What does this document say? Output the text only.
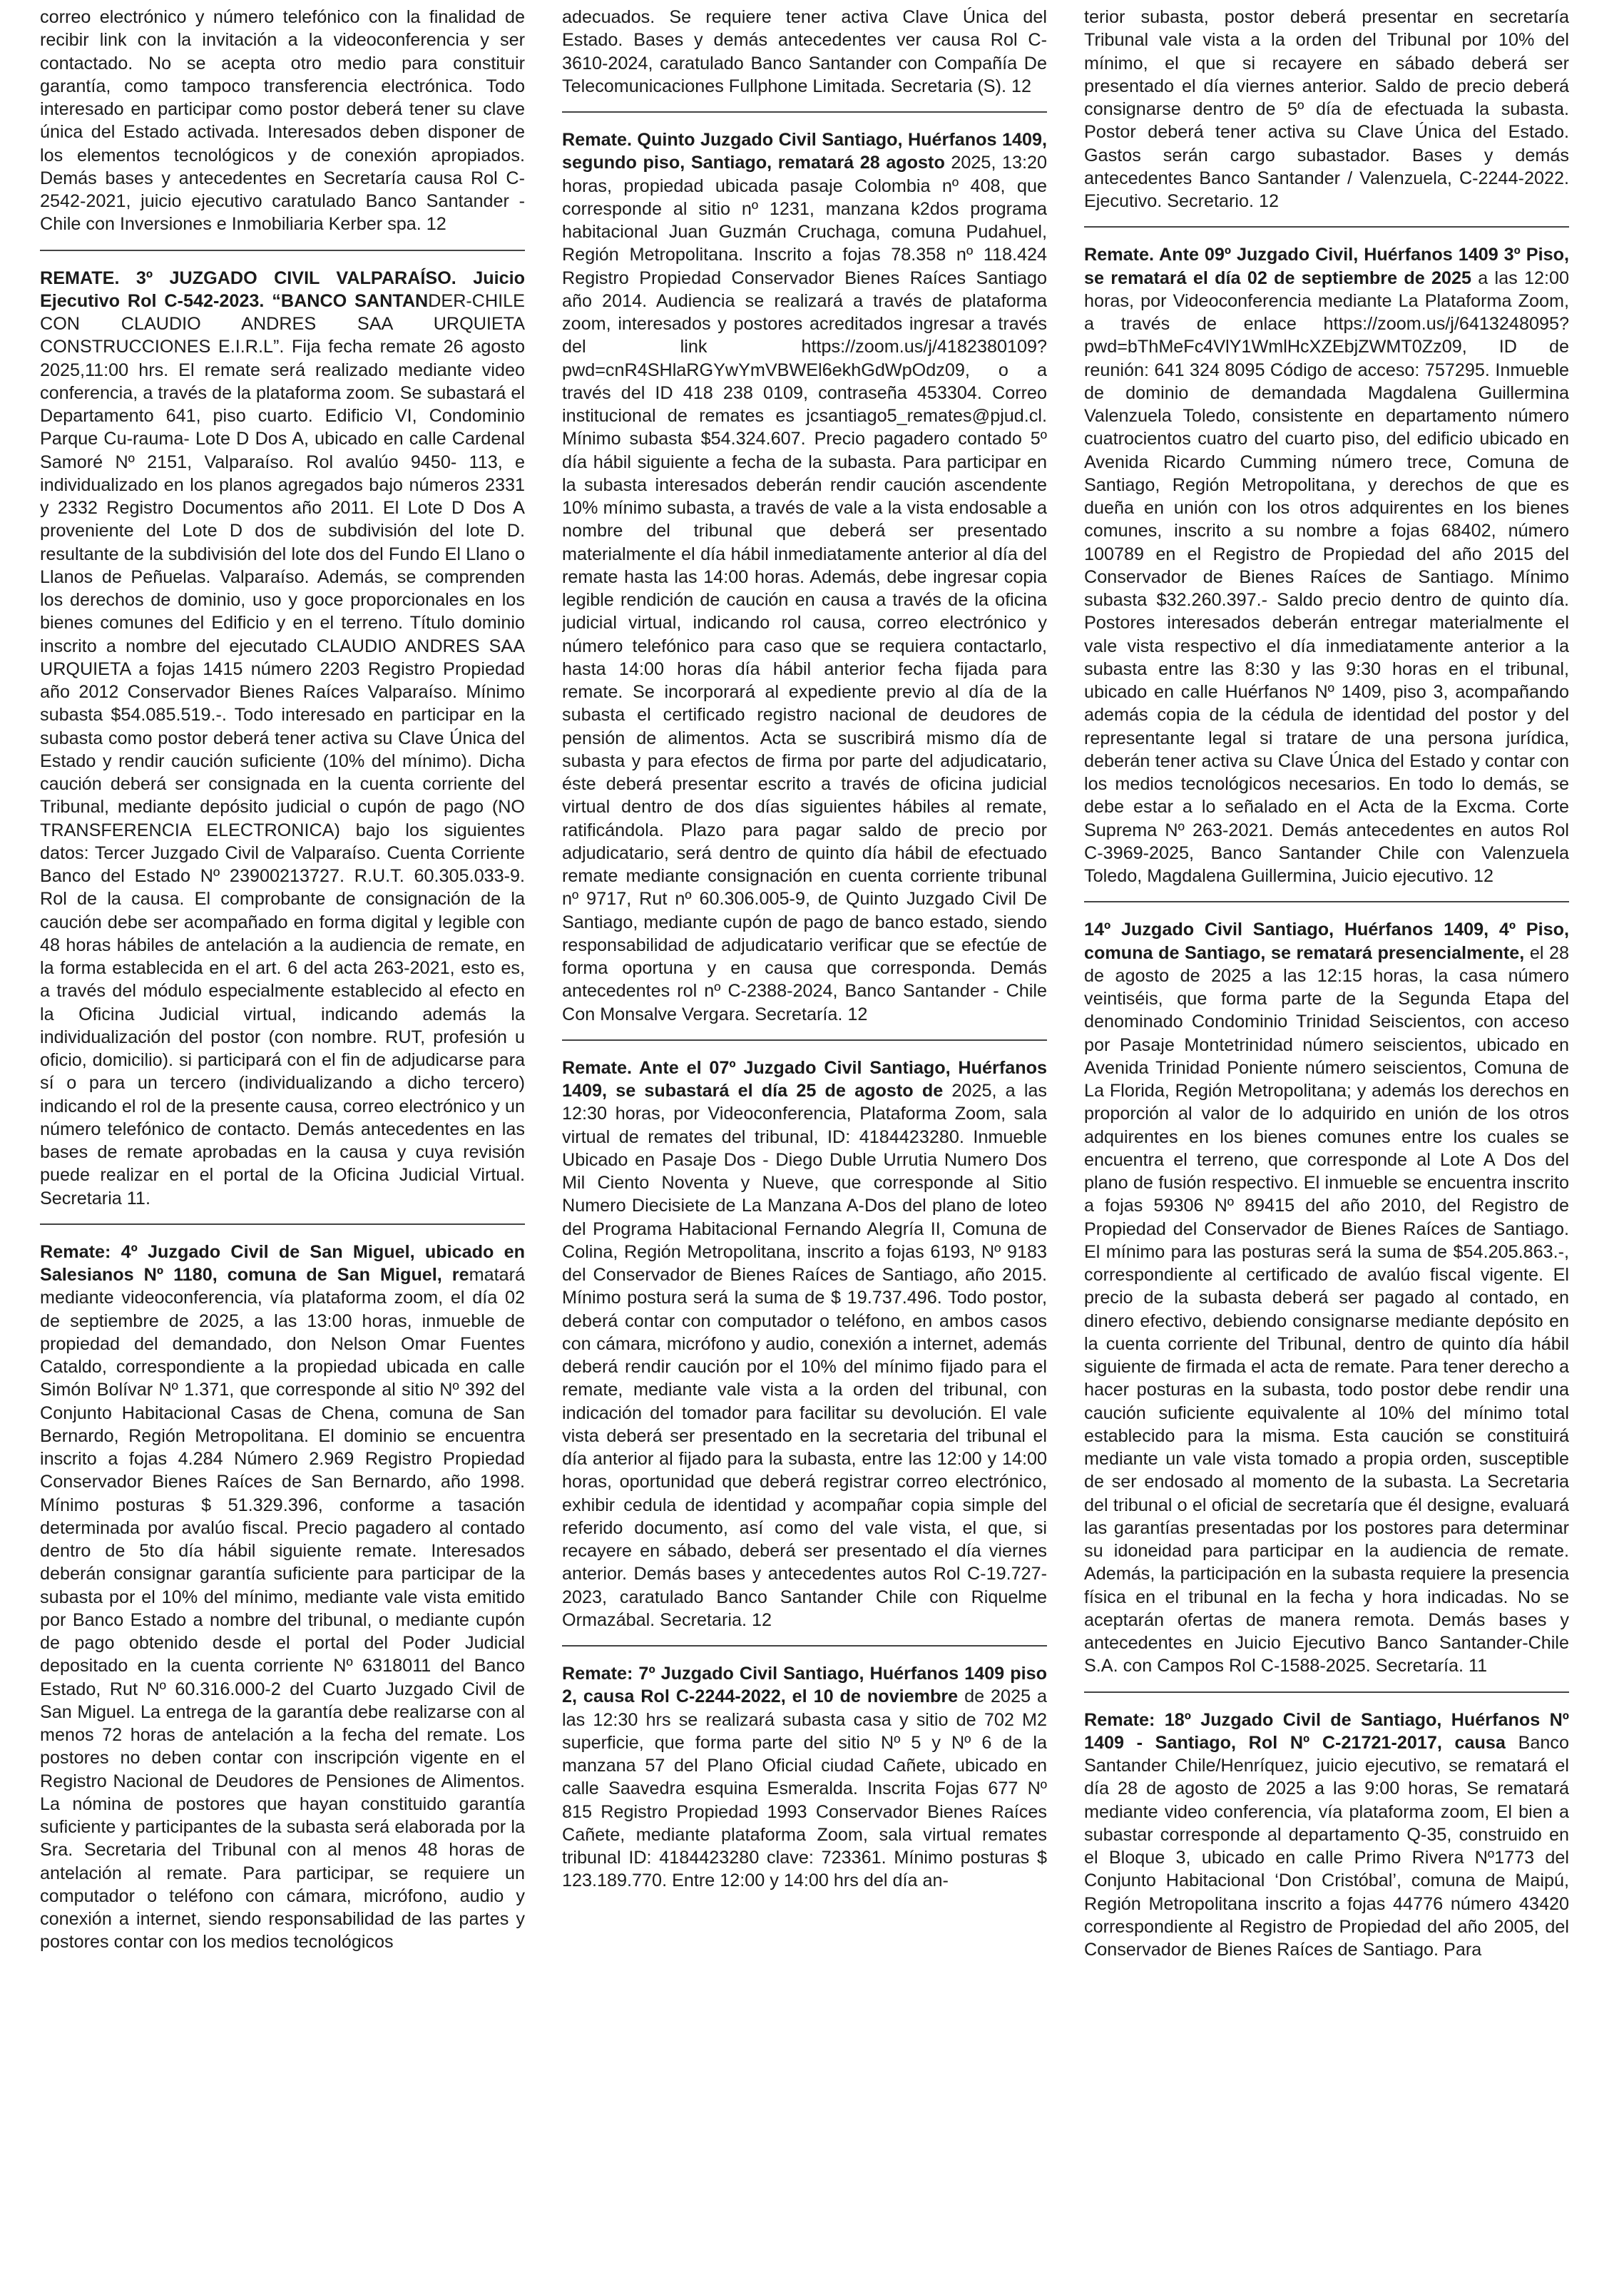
correo electrónico y número telefónico con la finalidad de recibir link con la invitación a la videoconferencia y ser contactado. No se acepta otro medio para constituir garantía, como tampoco transferencia electrónica. Todo interesado en participar como postor deberá tener su clave única del Estado activada. Interesados deben disponer de los elementos tecnológicos y de conexión apropiados. Demás bases y antecedentes en Secretaría causa Rol C-2542-2021, juicio ejecutivo caratulado Banco Santander - Chile con Inversiones e Inmobiliaria Kerber spa. 12

REMATE. 3º JUZGADO CIVIL VALPARAÍSO. Juicio Ejecutivo Rol C-542-2023. “BANCO SANTANDER-CHILE CON CLAUDIO ANDRES SAA URQUIETA CONSTRUCCIONES E.I.R.L”. Fija fecha remate 26 agosto 2025,11:00 hrs. El remate será realizado mediante video conferencia, a través de la plataforma zoom. Se subastará el Departamento 641, piso cuarto. Edificio VI, Condominio Parque Cu-rauma- Lote D Dos A, ubicado en calle Cardenal Samoré Nº 2151, Valparaíso. Rol avalúo 9450- 113, e individualizado en los planos agregados bajo números 2331 y 2332 Registro Documentos año 2011. El Lote D Dos A proveniente del Lote D dos de subdivisión del lote D. resultante de la subdivisión del lote dos del Fundo El Llano o Llanos de Peñuelas. Valparaíso. Además, se comprenden los derechos de dominio, uso y goce proporcionales en los bienes comunes del Edificio y en el terreno. Título dominio inscrito a nombre del ejecutado CLAUDIO ANDRES SAA URQUIETA a fojas 1415 número 2203 Registro Propiedad año 2012 Conservador Bienes Raíces Valparaíso. Mínimo subasta $54.085.519.-. Todo interesado en participar en la subasta como postor deberá tener activa su Clave Única del Estado y rendir caución suficiente (10% del mínimo). Dicha caución deberá ser consignada en la cuenta corriente del Tribunal, mediante depósito judicial o cupón de pago (NO TRANSFERENCIA ELECTRONICA) bajo los siguientes datos: Tercer Juzgado Civil de Valparaíso. Cuenta Corriente Banco del Estado Nº 23900213727. R.U.T. 60.305.033-9. Rol de la causa. El comprobante de consignación de la caución debe ser acompañado en forma digital y legible con 48 horas hábiles de antelación a la audiencia de remate, en la forma establecida en el art. 6 del acta 263-2021, esto es, a través del módulo especialmente establecido al efecto en la Oficina Judicial virtual, indicando además la individualización del postor (con nombre. RUT, profesión u oficio, domicilio). si participará con el fin de adjudicarse para sí o para un tercero (individualizando a dicho tercero) indicando el rol de la presente causa, correo electrónico y un número telefónico de contacto. Demás antecedentes en las bases de remate aprobadas en la causa y cuya revisión puede realizar en el portal de la Oficina Judicial Virtual. Secretaria 11.

Remate: 4º Juzgado Civil de San Miguel, ubicado en Salesianos Nº 1180, comuna de San Miguel, rematará mediante videoconferencia, vía plataforma zoom, el día 02 de septiembre de 2025, a las 13:00 horas, inmueble de propiedad del demandado, don Nelson Omar Fuentes Cataldo, correspondiente a la propiedad ubicada en calle Simón Bolívar Nº 1.371, que corresponde al sitio Nº 392 del Conjunto Habitacional Casas de Chena, comuna de San Bernardo, Región Metropolitana. El dominio se encuentra inscrito a fojas 4.284 Número 2.969 Registro Propiedad Conservador Bienes Raíces de San Bernardo, año 1998. Mínimo posturas $ 51.329.396, conforme a tasación determinada por avalúo fiscal. Precio pagadero al contado dentro de 5to día hábil siguiente remate. Interesados deberán consignar garantía suficiente para participar de la subasta por el 10% del mínimo, mediante vale vista emitido por Banco Estado a nombre del tribunal, o mediante cupón de pago obtenido desde el portal del Poder Judicial depositado en la cuenta corriente Nº 6318011 del Banco Estado, Rut Nº 60.316.000-2 del Cuarto Juzgado Civil de San Miguel. La entrega de la garantía debe realizarse con al menos 72 horas de antelación a la fecha del remate. Los postores no deben contar con inscripción vigente en el Registro Nacional de Deudores de Pensiones de Alimentos. La nómina de postores que hayan constituido garantía suficiente y participantes de la subasta será elaborada por la Sra. Secretaria del Tribunal con al menos 48 horas de antelación al remate. Para participar, se requiere un computador o teléfono con cámara, micrófono, audio y conexión a internet, siendo responsabilidad de las partes y postores contar con los medios tecnológicos

adecuados. Se requiere tener activa Clave Única del Estado. Bases y demás antecedentes ver causa Rol C-3610-2024, caratulado Banco Santander con Compañía De Telecomunicaciones Fullphone Limitada. Secretaria (S). 12

Remate. Quinto Juzgado Civil Santiago, Huérfanos 1409, segundo piso, Santiago, rematará 28 agosto 2025, 13:20 horas, propiedad ubicada pasaje Colombia nº 408, que corresponde al sitio nº 1231, manzana k2dos programa habitacional Juan Guzmán Cruchaga, comuna Pudahuel, Región Metropolitana. Inscrito a fojas 78.358 nº 118.424 Registro Propiedad Conservador Bienes Raíces Santiago año 2014. Audiencia se realizará a través de plataforma zoom, interesados y postores acreditados ingresar a través del link https://zoom.us/j/4182380109?pwd=cnR4SHlaRGYwYmVBWEl6ekhGdWpOdz09, o a través del ID 418 238 0109, contraseña 453304. Correo institucional de remates es jcsantiago5_remates@pjud.cl. Mínimo subasta $54.324.607. Precio pagadero contado 5º día hábil siguiente a fecha de la subasta. Para participar en la subasta interesados deberán rendir caución ascendente 10% mínimo subasta, a través de vale a la vista endosable a nombre del tribunal que deberá ser presentado materialmente el día hábil inmediatamente anterior al día del remate hasta las 14:00 horas. Además, debe ingresar copia legible rendición de caución en causa a través de la oficina judicial virtual, indicando rol causa, correo electrónico y número telefónico para caso que se requiera contactarlo, hasta 14:00 horas día hábil anterior fecha fijada para remate. Se incorporará al expediente previo al día de la subasta el certificado registro nacional de deudores de pensión de alimentos. Acta se suscribirá mismo día de subasta y para efectos de firma por parte del adjudicatario, éste deberá presentar escrito a través de oficina judicial virtual dentro de dos días siguientes hábiles al remate, ratificándola. Plazo para pagar saldo de precio por adjudicatario, será dentro de quinto día hábil de efectuado remate mediante consignación en cuenta corriente tribunal nº 9717, Rut nº 60.306.005-9, de Quinto Juzgado Civil De Santiago, mediante cupón de pago de banco estado, siendo responsabilidad de adjudicatario verificar que se efectúe de forma oportuna y en causa que corresponda. Demás antecedentes rol nº C-2388-2024, Banco Santander - Chile Con Monsalve Vergara. Secretaría. 12

Remate. Ante el 07º Juzgado Civil Santiago, Huérfanos 1409, se subastará el día 25 de agosto de 2025, a las 12:30 horas, por Videoconferencia, Plataforma Zoom, sala virtual de remates del tribunal, ID: 4184423280. Inmueble Ubicado en Pasaje Dos - Diego Duble Urrutia Numero Dos Mil Ciento Noventa y Nueve, que corresponde al Sitio Numero Diecisiete de La Manzana A-Dos del plano de loteo del Programa Habitacional Fernando Alegría II, Comuna de Colina, Región Metropolitana, inscrito a fojas 6193, Nº 9183 del Conservador de Bienes Raíces de Santiago, año 2015. Mínimo postura será la suma de $ 19.737.496. Todo postor, deberá contar con computador o teléfono, en ambos casos con cámara, micrófono y audio, conexión a internet, además deberá rendir caución por el 10% del mínimo fijado para el remate, mediante vale vista a la orden del tribunal, con indicación del tomador para facilitar su devolución. El vale vista deberá ser presentado en la secretaria del tribunal el día anterior al fijado para la subasta, entre las 12:00 y 14:00 horas, oportunidad que deberá registrar correo electrónico, exhibir cedula de identidad y acompañar copia simple del referido documento, así como del vale vista, el que, si recayere en sábado, deberá ser presentado el día viernes anterior. Demás bases y antecedentes autos Rol C-19.727-2023, caratulado Banco Santander Chile con Riquelme Ormazábal. Secretaria. 12

Remate: 7º Juzgado Civil Santiago, Huérfanos 1409 piso 2, causa Rol C-2244-2022, el 10 de noviembre de 2025 a las 12:30 hrs se realizará subasta casa y sitio de 702 M2 superficie, que forma parte del sitio Nº 5 y Nº 6 de la manzana 57 del Plano Oficial ciudad Cañete, ubicado en calle Saavedra esquina Esmeralda. Inscrita Fojas 677 Nº 815 Registro Propiedad 1993 Conservador Bienes Raíces Cañete, mediante plataforma Zoom, sala virtual remates tribunal ID: 4184423280 clave: 723361. Mínimo posturas $ 123.189.770. Entre 12:00 y 14:00 hrs del día an-

terior subasta, postor deberá presentar en secretaría Tribunal vale vista a la orden del Tribunal por 10% del mínimo, el que si recayere en sábado deberá ser presentado el día viernes anterior. Saldo de precio deberá consignarse dentro de 5º día de efectuada la subasta. Postor deberá tener activa su Clave Única del Estado. Gastos serán cargo subastador. Bases y demás antecedentes Banco Santander / Valenzuela, C-2244-2022. Ejecutivo. Secretario. 12

Remate. Ante 09º Juzgado Civil, Huérfanos 1409 3º Piso, se rematará el día 02 de septiembre de 2025 a las 12:00 horas, por Videoconferencia mediante La Plataforma Zoom, a través de enlace https://zoom.us/j/6413248095?pwd=bThMeFc4VlY1WmlHcXZEbjZWMT0Zz09, ID de reunión: 641 324 8095 Código de acceso: 757295. Inmueble de dominio de demandada Magdalena Guillermina Valenzuela Toledo, consistente en departamento número cuatrocientos cuatro del cuarto piso, del edificio ubicado en Avenida Ricardo Cumming número trece, Comuna de Santiago, Región Metropolitana, y derechos de que es dueña en unión con los otros adquirentes en los bienes comunes, inscrito a su nombre a fojas 68402, número 100789 en el Registro de Propiedad del año 2015 del Conservador de Bienes Raíces de Santiago. Mínimo subasta $32.260.397.- Saldo precio dentro de quinto día. Postores interesados deberán entregar materialmente el vale vista respectivo el día inmediatamente anterior a la subasta entre las 8:30 y las 9:30 horas en el tribunal, ubicado en calle Huérfanos Nº 1409, piso 3, acompañando además copia de la cédula de identidad del postor y del representante legal si tratare de una persona jurídica, deberán tener activa su Clave Única del Estado y contar con los medios tecnológicos necesarios. En todo lo demás, se debe estar a lo señalado en el Acta de la Excma. Corte Suprema Nº 263-2021. Demás antecedentes en autos Rol C-3969-2025, Banco Santander Chile con Valenzuela Toledo, Magdalena Guillermina, Juicio ejecutivo. 12

14º Juzgado Civil Santiago, Huérfanos 1409, 4º Piso, comuna de Santiago, se rematará presencialmente, el 28 de agosto de 2025 a las 12:15 horas, la casa número veintiséis, que forma parte de la Segunda Etapa del denominado Condominio Trinidad Seiscientos, con acceso por Pasaje Montetrinidad número seiscientos, ubicado en Avenida Trinidad Poniente número seiscientos, Comuna de La Florida, Región Metropolitana; y además los derechos en proporción al valor de lo adquirido en unión de los otros adquirentes en los bienes comunes entre los cuales se encuentra el terreno, que corresponde al Lote A Dos del plano de fusión respectivo. El inmueble se encuentra inscrito a fojas 59306 Nº 89415 del año 2010, del Registro de Propiedad del Conservador de Bienes Raíces de Santiago. El mínimo para las posturas será la suma de $54.205.863.-, correspondiente al certificado de avalúo fiscal vigente. El precio de la subasta deberá ser pagado al contado, en dinero efectivo, debiendo consignarse mediante depósito en la cuenta corriente del Tribunal, dentro de quinto día hábil siguiente de firmada el acta de remate. Para tener derecho a hacer posturas en la subasta, todo postor debe rendir una caución suficiente equivalente al 10% del mínimo total establecido para la misma. Esta caución se constituirá mediante un vale vista tomado a propia orden, susceptible de ser endosado al momento de la subasta. La Secretaria del tribunal o el oficial de secretaría que él designe, evaluará las garantías presentadas por los postores para determinar su idoneidad para participar en la audiencia de remate. Además, la participación en la subasta requiere la presencia física en el tribunal en la fecha y hora indicadas. No se aceptarán ofertas de manera remota. Demás bases y antecedentes en Juicio Ejecutivo Banco Santander-Chile S.A. con Campos Rol C-1588-2025. Secretaría. 11

Remate: 18º Juzgado Civil de Santiago, Huérfanos Nº 1409 - Santiago, Rol Nº C-21721-2017, causa Banco Santander Chile/Henríquez, juicio ejecutivo, se rematará el día 28 de agosto de 2025 a las 9:00 horas, Se rematará mediante video conferencia, vía plataforma zoom, El bien a subastar corresponde al departamento Q-35, construido en el Bloque 3, ubicado en calle Primo Rivera Nº1773 del Conjunto Habitacional ‘Don Cristóbal’, comuna de Maipú, Región Metropolitana inscrito a fojas 44776 número 43420 correspondiente al Registro de Propiedad del año 2005, del Conservador de Bienes Raíces de Santiago. Para
